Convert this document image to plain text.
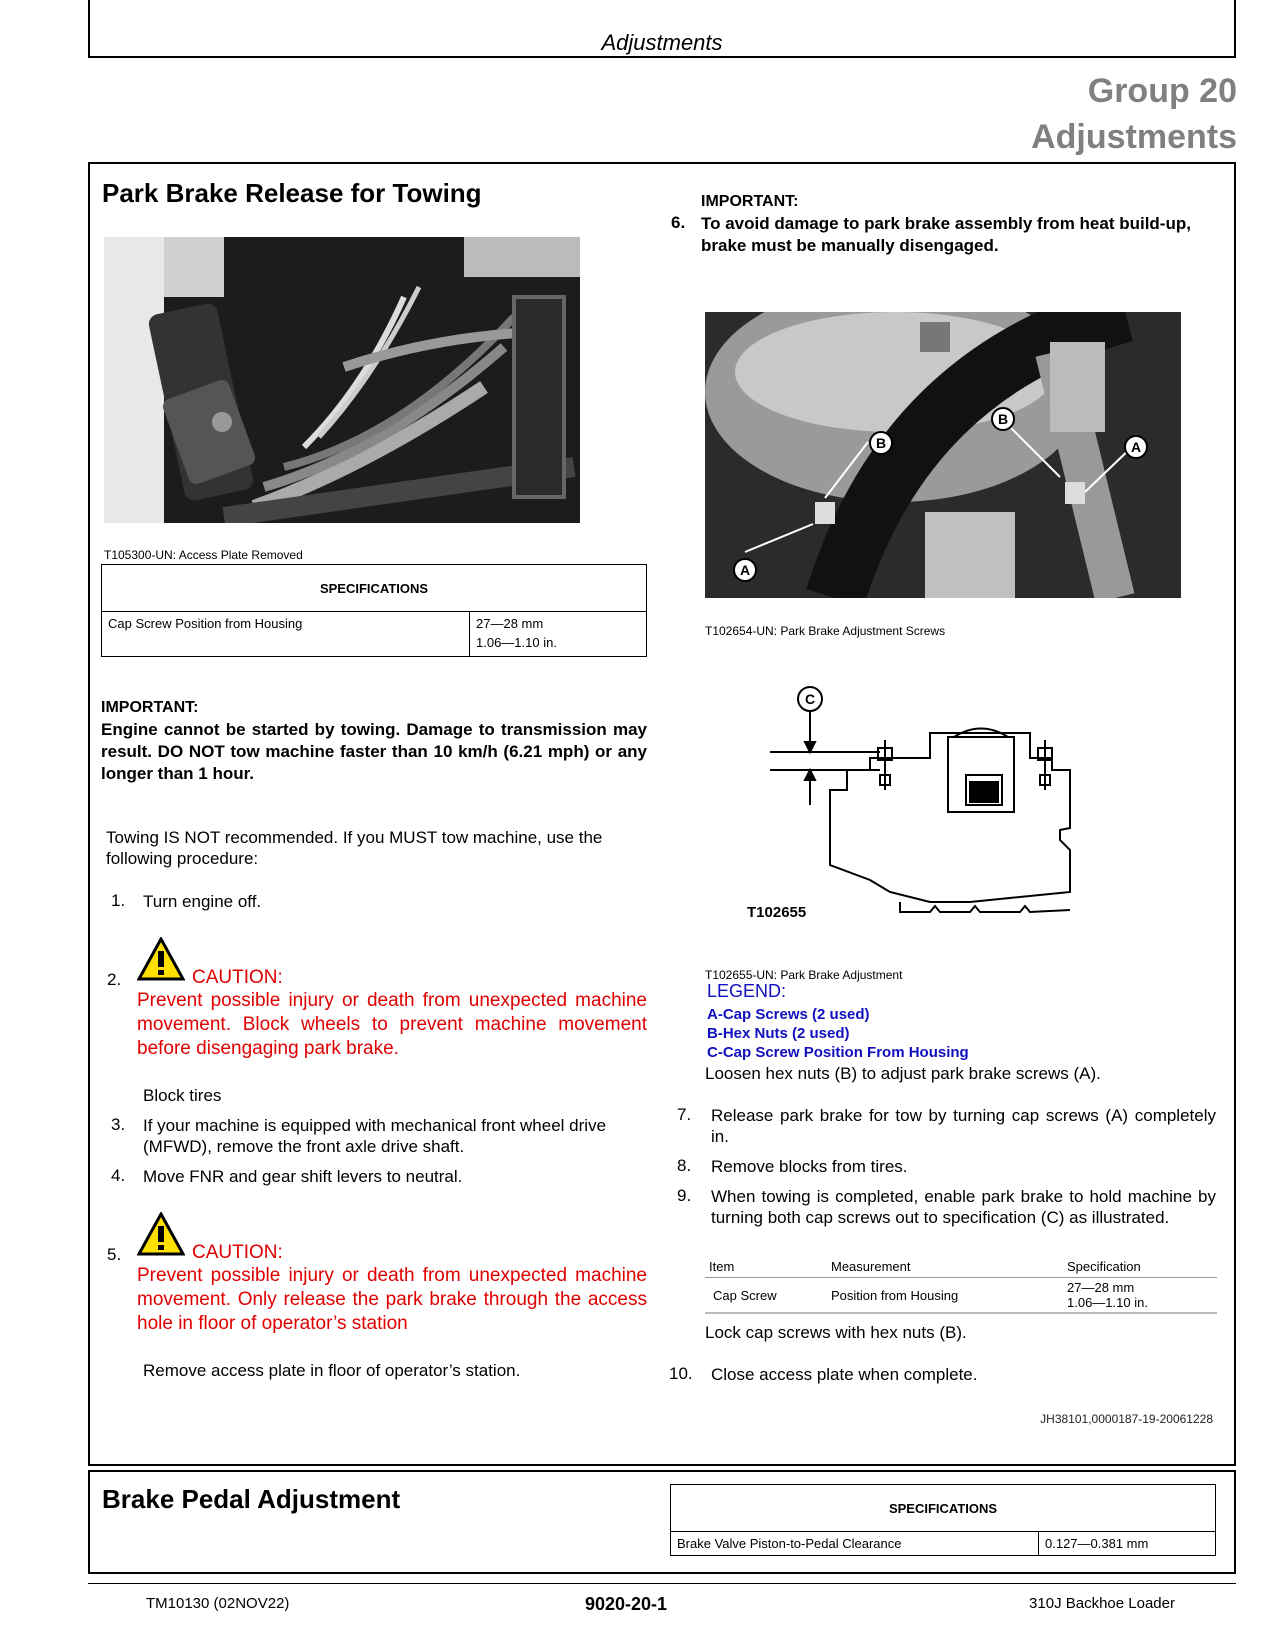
Adjustments
Group 20
Adjustments
Park Brake Release for Towing
T105300-UN: Access Plate Removed
SPECIFICATIONS
Cap Screw Position from Housing	27—28 mm
1.06—1.10 in.
IMPORTANT:
Engine cannot be started by towing. Damage to transmission may result. DO NOT tow machine faster than 10 km/h (6.21 mph) or any longer than 1 hour.
Towing IS NOT recommended. If you MUST tow machine, use the following procedure:
1. Turn engine off.
2.	CAUTION:
Prevent possible injury or death from unexpected machine movement. Block wheels to prevent machine movement before disengaging park brake.
Block tires
3. If your machine is equipped with mechanical front wheel drive (MFWD), remove the front axle drive shaft.
4. Move FNR and gear shift levers to neutral.
5.	CAUTION:
Prevent possible injury or death from unexpected machine movement. Only release the park brake through the access hole in floor of operator’s station
Remove access plate in floor of operator’s station.
IMPORTANT:
6. To avoid damage to park brake assembly from heat build-up, brake must be manually disengaged.
A
B
B
A
T102654-UN: Park Brake Adjustment Screws
C
T102655
T102655-UN: Park Brake Adjustment
LEGEND:
A-Cap Screws (2 used)
B-Hex Nuts (2 used)
C-Cap Screw Position From Housing
Loosen hex nuts (B) to adjust park brake screws (A).
7. Release park brake for tow by turning cap screws (A) completely in.
8. Remove blocks from tires.
9. When towing is completed, enable park brake to hold machine by turning both cap screws out to specification (C) as illustrated.
Item	Measurement	Specification
Cap Screw	Position from Housing
27—28 mm
1.06—1.10 in.
Lock cap screws with hex nuts (B).
10. Close access plate when complete.
JH38101,0000187-19-20061228
Brake Pedal Adjustment	SPECIFICATIONS
Brake Valve Piston-to-Pedal Clearance	0.127—0.381 mm
TM10130 (02NOV22)	9020-20-1	310J Backhoe Loader
